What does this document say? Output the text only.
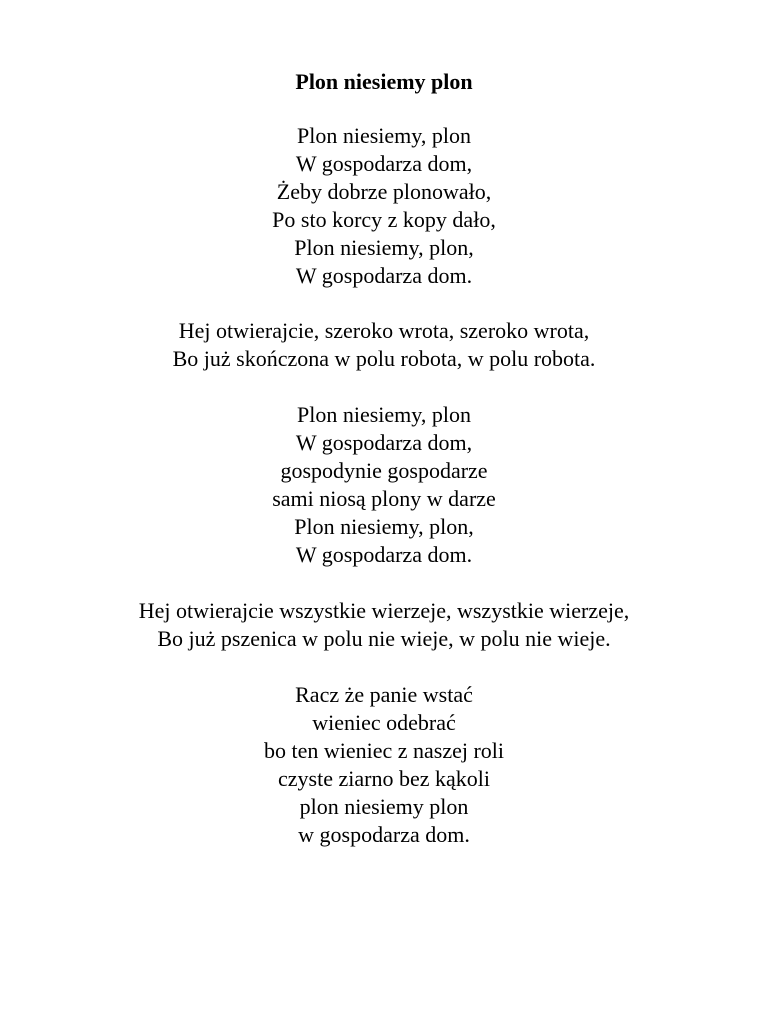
Plon niesiemy plon
Plon niesiemy, plon
W gospodarza dom,
Żeby dobrze plonowało,
Po sto korcy z kopy dało,
Plon niesiemy, plon,
W gospodarza dom.
Hej otwierajcie, szeroko wrota, szeroko wrota,
Bo już skończona w polu robota, w polu robota.
Plon niesiemy, plon
W gospodarza dom,
gospodynie gospodarze
sami niosą plony w darze
Plon niesiemy, plon,
W gospodarza dom.
Hej otwierajcie wszystkie wierzeje, wszystkie wierzeje,
Bo już pszenica w polu nie wieje, w polu nie wieje.
Racz że panie wstać
wieniec odebrać
bo ten wieniec z naszej roli
czyste ziarno bez kąkoli
plon niesiemy plon
w gospodarza dom.
